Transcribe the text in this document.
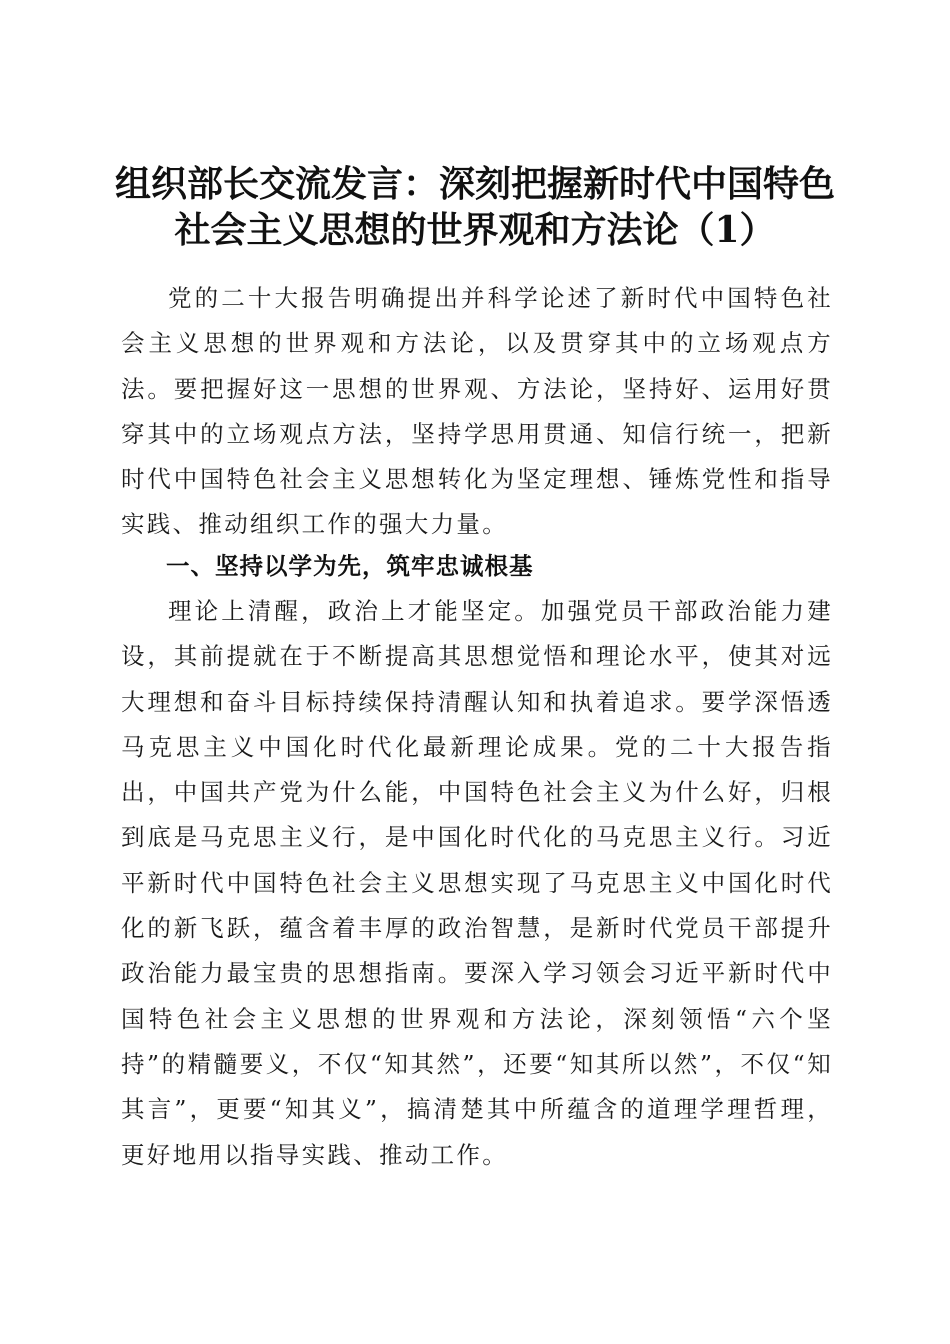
组织部长交流发言：深刻把握新时代中国特色
社会主义思想的世界观和方法论（1）

党的二十大报告明确提出并科学论述了新时代中国特色社会主义思想的世界观和方法论，以及贯穿其中的立场观点方法。要把握好这一思想的世界观、方法论，坚持好、运用好贯穿其中的立场观点方法，坚持学思用贯通、知信行统一，把新时代中国特色社会主义思想转化为坚定理想、锤炼党性和指导实践、推动组织工作的强大力量。

一、坚持以学为先，筑牢忠诚根基

理论上清醒，政治上才能坚定。加强党员干部政治能力建设，其前提就在于不断提高其思想觉悟和理论水平，使其对远大理想和奋斗目标持续保持清醒认知和执着追求。要学深悟透马克思主义中国化时代化最新理论成果。党的二十大报告指出，中国共产党为什么能，中国特色社会主义为什么好，归根到底是马克思主义行，是中国化时代化的马克思主义行。习近平新时代中国特色社会主义思想实现了马克思主义中国化时代化的新飞跃，蕴含着丰厚的政治智慧，是新时代党员干部提升政治能力最宝贵的思想指南。要深入学习领会习近平新时代中国特色社会主义思想的世界观和方法论，深刻领悟“六个坚持”的精髓要义，不仅“知其然”，还要“知其所以然”，不仅“知其言”，更要“知其义”，搞清楚其中所蕴含的道理学理哲理，更好地用以指导实践、推动工作。
